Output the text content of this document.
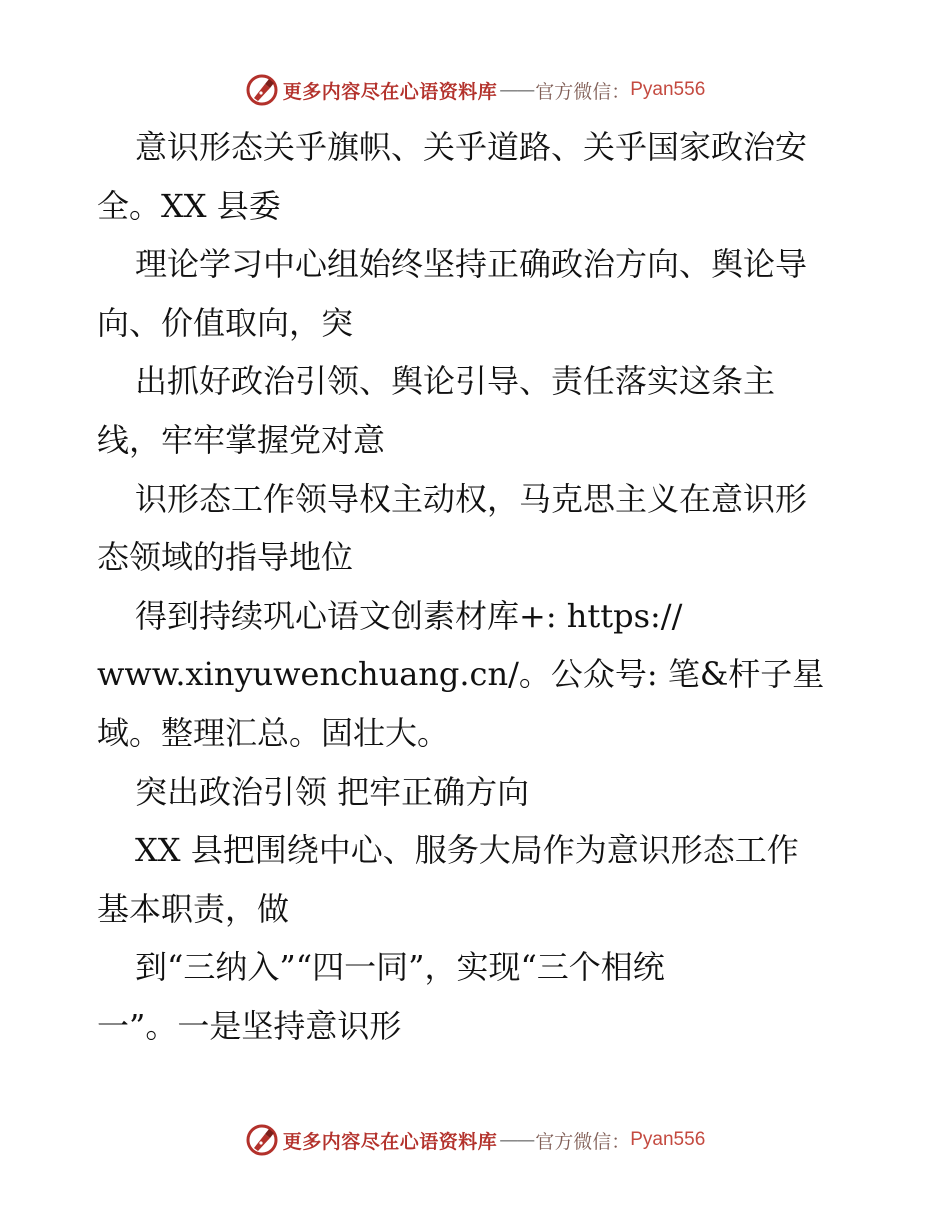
更多内容尽在心语资料库 —— 官方微信： Pyan556
意识形态关乎旗帜、关乎道路、关乎国家政治安
全。XX 县委
理论学习中心组始终坚持正确政治方向、舆论导
向、价值取向，突
出抓好政治引领、舆论引导、责任落实这条主
线，牢牢掌握党对意
识形态工作领导权主动权，马克思主义在意识形
态领域的指导地位
得到持续巩心语文创素材库+: https://
www.xinyuwenchuang.cn/。公众号: 笔&杆子星
域。整理汇总。固壮大。
突出政治引领 把牢正确方向
XX 县把围绕中心、服务大局作为意识形态工作
基本职责，做
到“三纳入”“四一同”，实现“三个相统
一”。一是坚持意识形
更多内容尽在心语资料库 —— 官方微信： Pyan556
